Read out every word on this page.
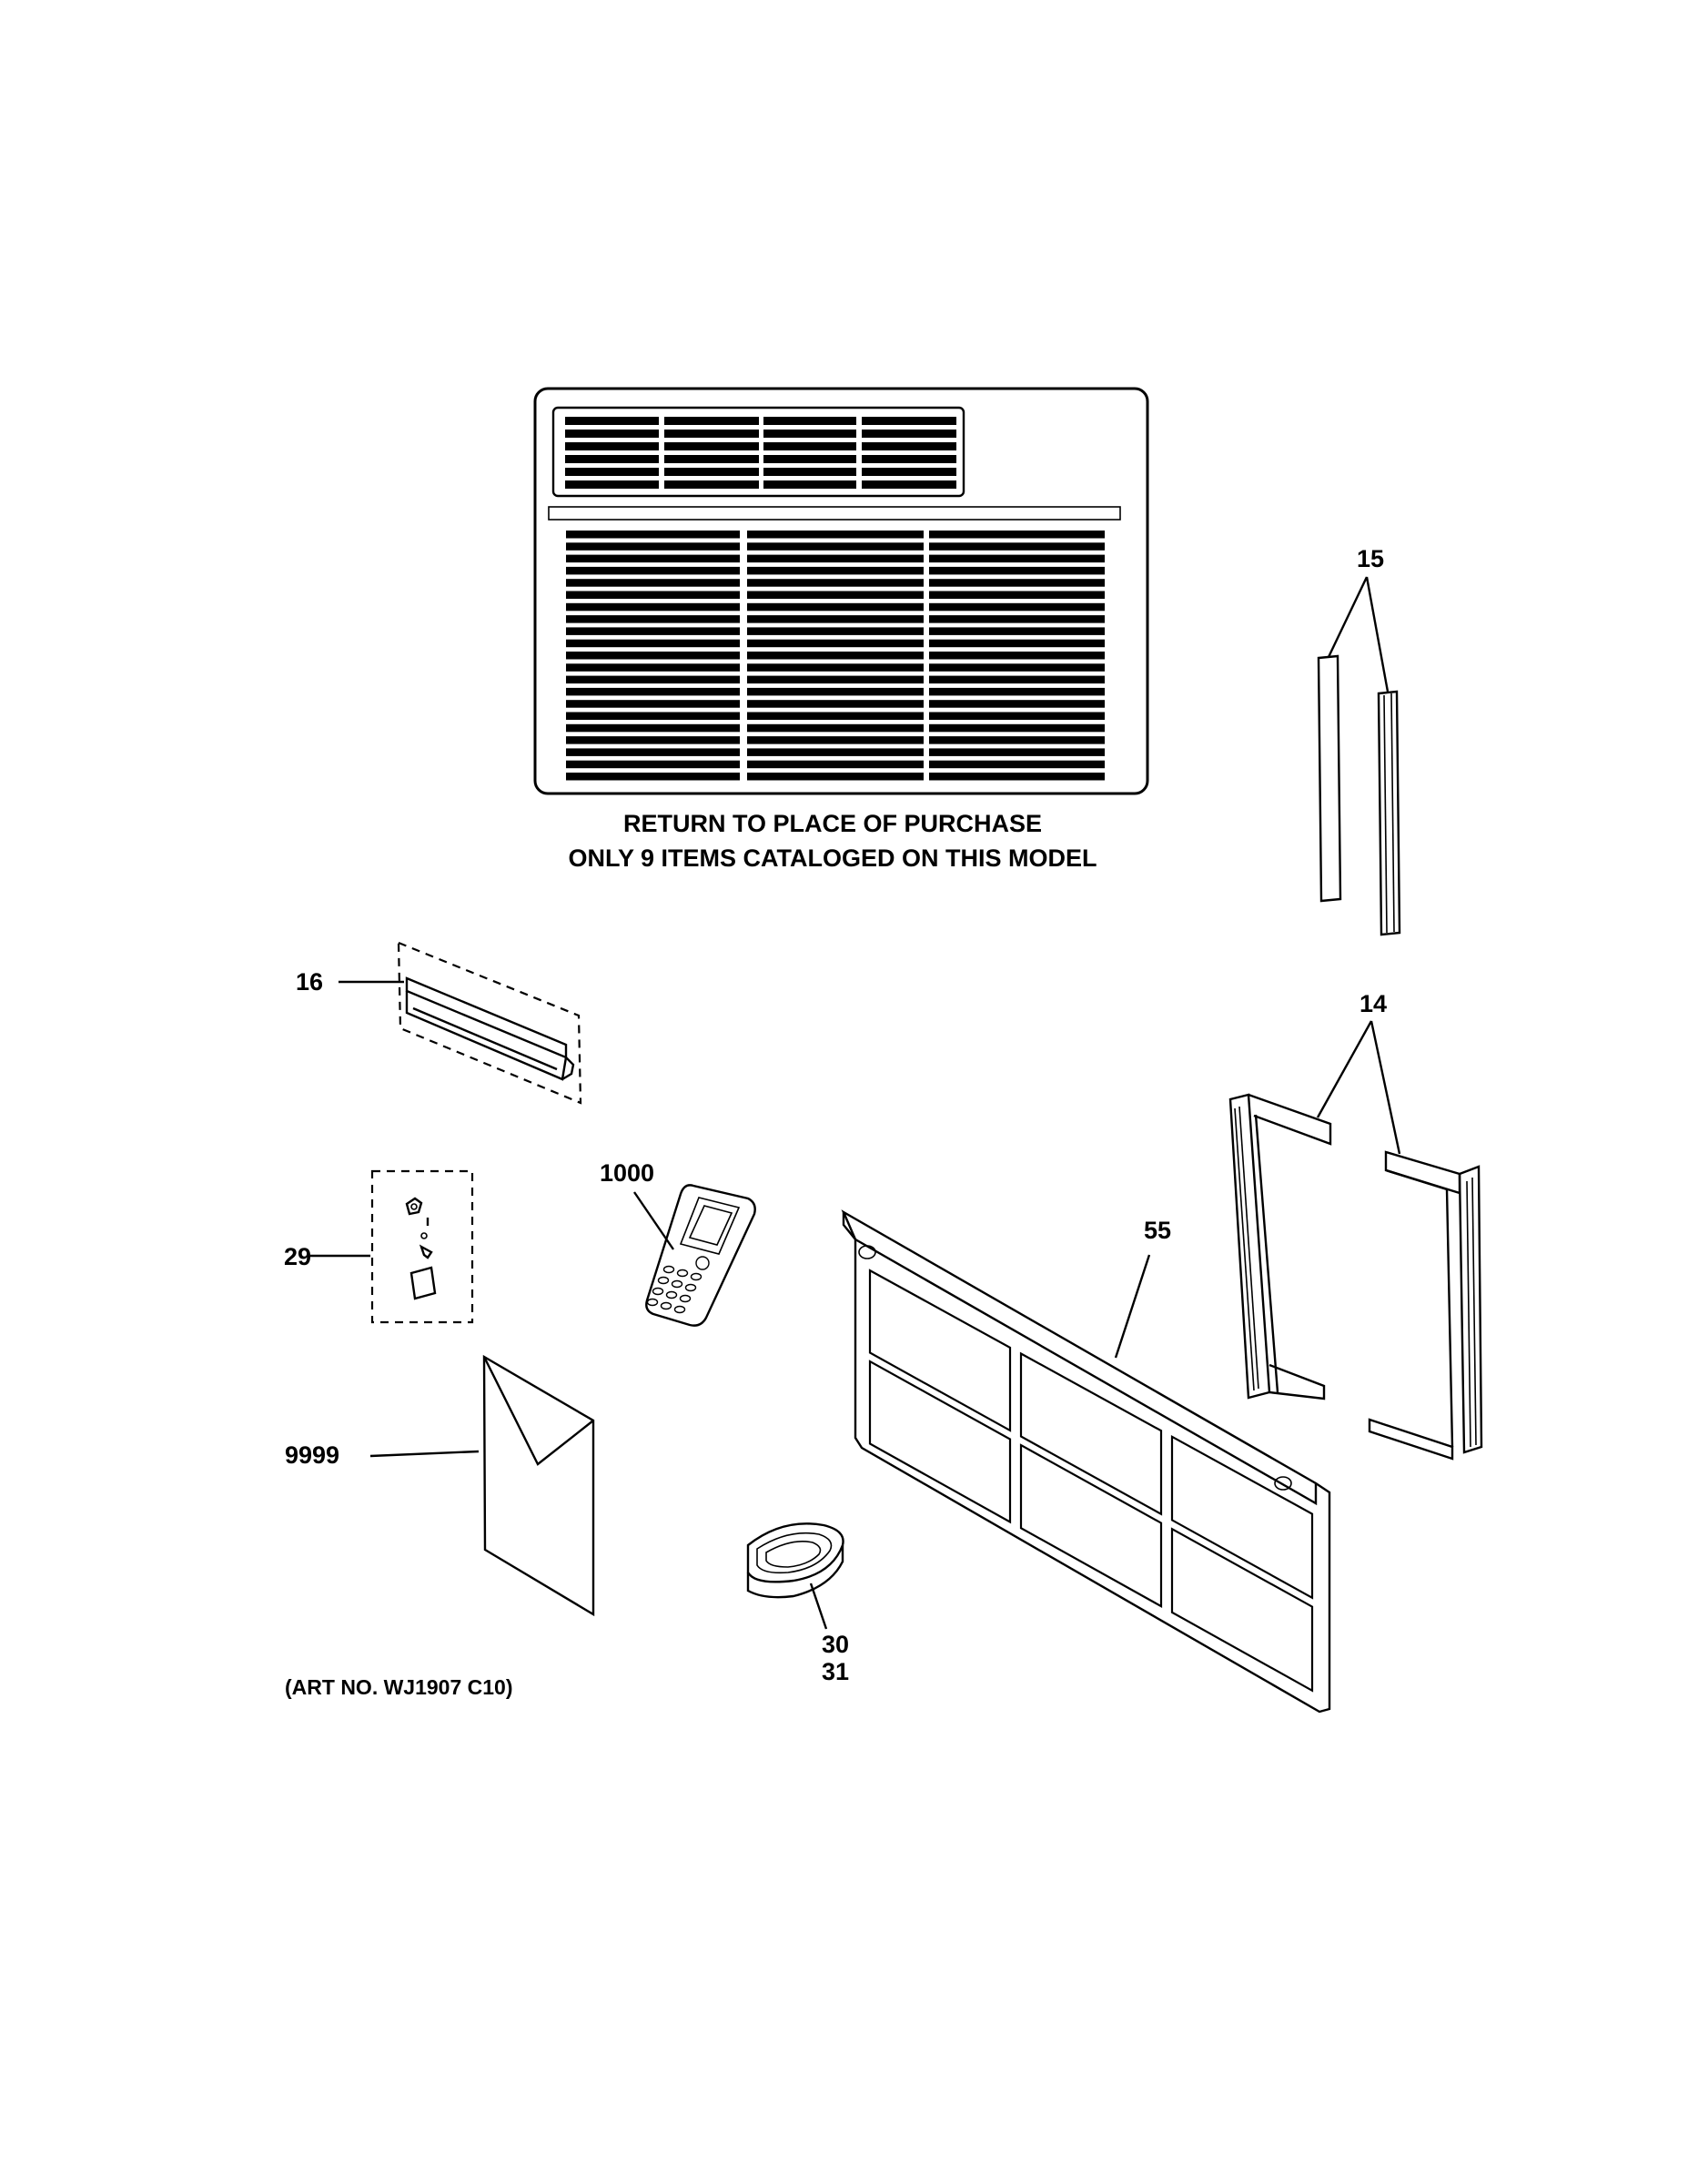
RETURN TO PLACE OF PURCHASE
ONLY 9 ITEMS CATALOGED ON THIS MODEL
15
16
14
1000
55
29
9999
30
31
(ART NO. WJ1907 C10)
